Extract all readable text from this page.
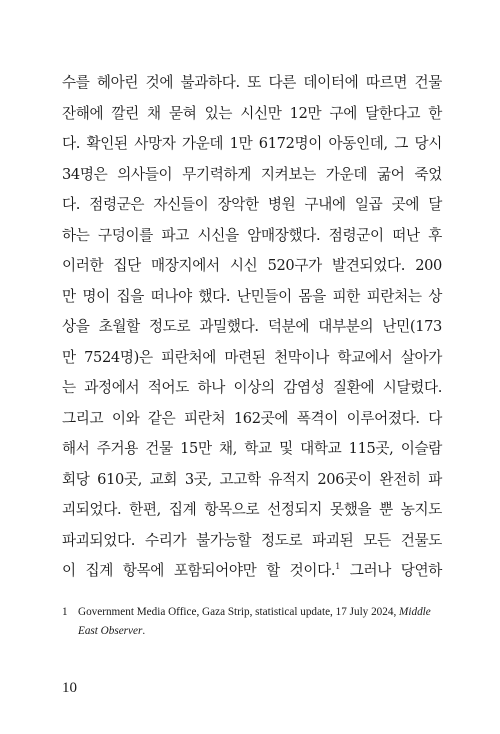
수를 헤아린 것에 불과하다. 또 다른 데이터에 따르면 건물
잔해에 깔린 채 묻혀 있는 시신만 12만 구에 달한다고 한
다. 확인된 사망자 가운데 1만 6172명이 아동인데, 그 당시
34명은 의사들이 무기력하게 지켜보는 가운데 굶어 죽었
다. 점령군은 자신들이 장악한 병원 구내에 일곱 곳에 달
하는 구덩이를 파고 시신을 암매장했다. 점령군이 떠난 후
이러한 집단 매장지에서 시신 520구가 발견되었다. 200
만 명이 집을 떠나야 했다. 난민들이 몸을 피한 피란처는 상
상을 초월할 정도로 과밀했다. 덕분에 대부분의 난민(173
만 7524명)은 피란처에 마련된 천막이나 학교에서 살아가
는 과정에서 적어도 하나 이상의 감염성 질환에 시달렸다.
그리고 이와 같은 피란처 162곳에 폭격이 이루어졌다. 다
해서 주거용 건물 15만 채, 학교 및 대학교 115곳, 이슬람
회당 610곳, 교회 3곳, 고고학 유적지 206곳이 완전히 파
괴되었다. 한편, 집계 항목으로 선정되지 못했을 뿐 농지도
파괴되었다. 수리가 불가능할 정도로 파괴된 모든 건물도
이 집계 항목에 포함되어야만 할 것이다.$^1$ 그러나 당연하
1 Government Media Office, Gaza Strip, statistical update, 17 July 2024, Middle East Observer.
10
